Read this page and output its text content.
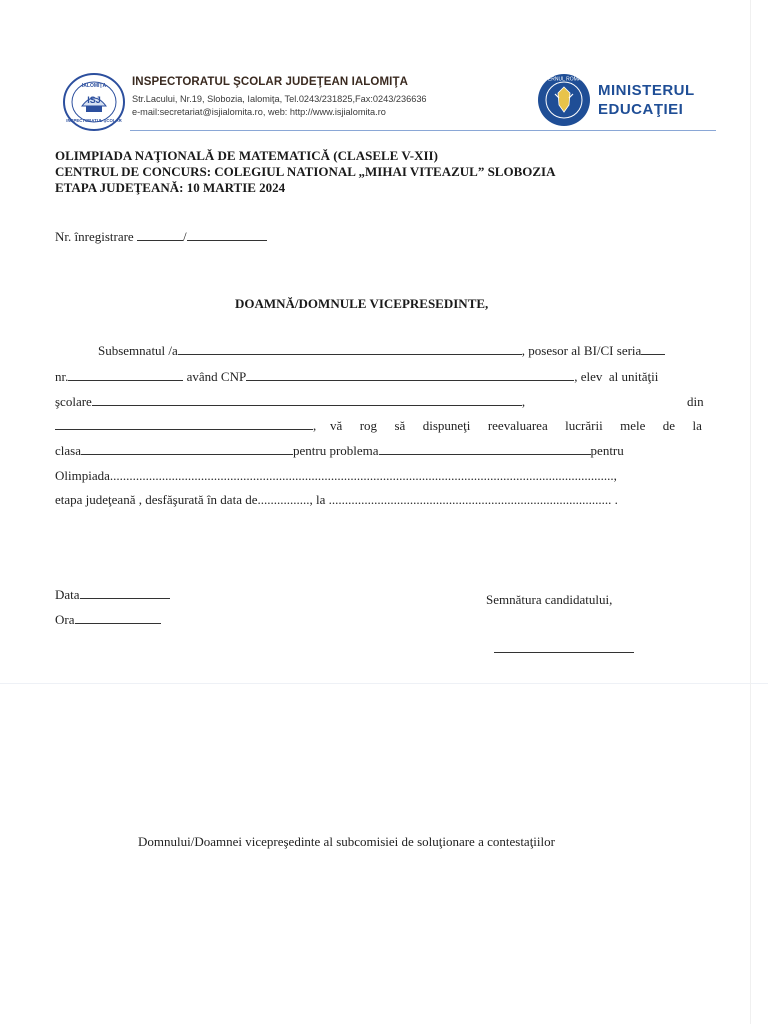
IALOMIŢA
ISJ
INSPECTORATUL ŞCOLAR
INSPECTORATUL ŞCOLAR JUDEŢEAN IALOMIŢA
Str.Lacului, Nr.19, Slobozia, Ialomiţa, Tel.0243/231825,Fax:0243/236636
e-mail:secretariat@isjialomita.ro, web: http://www.isjialomita.ro
GUVERNUL ROMÂNIEI
MINISTERUL
EDUCAŢIEI
OLIMPIADA NAŢIONALĂ DE MATEMATICĂ (CLASELE V-XII)
CENTRUL DE CONCURS: COLEGIUL NATIONAL „MIHAI VITEAZUL” SLOBOZIA
ETAPA JUDEŢEANĂ: 10 MARTIE 2024
Nr. înregistrare	/
DOAMNĂ/DOMNULE VICEPRESEDINTE,
Subsemnatul /a	, posesor al BI/CI seria
nr.	având CNP	, elev al unităţii
şcolare	,	din
, vă rog să dispuneţi reevaluarea lucrării mele de la
clasa	pentru problema	pentru
Olimpiada...........................................................................................................................................................,
etapa judeţeană , desfăşurată în data de................, la ....................................................................................... .
Data
Ora
Semnătura candidatului,
Domnului/Doamnei vicepreşedinte al subcomisiei de soluţionare a contestaţiilor
